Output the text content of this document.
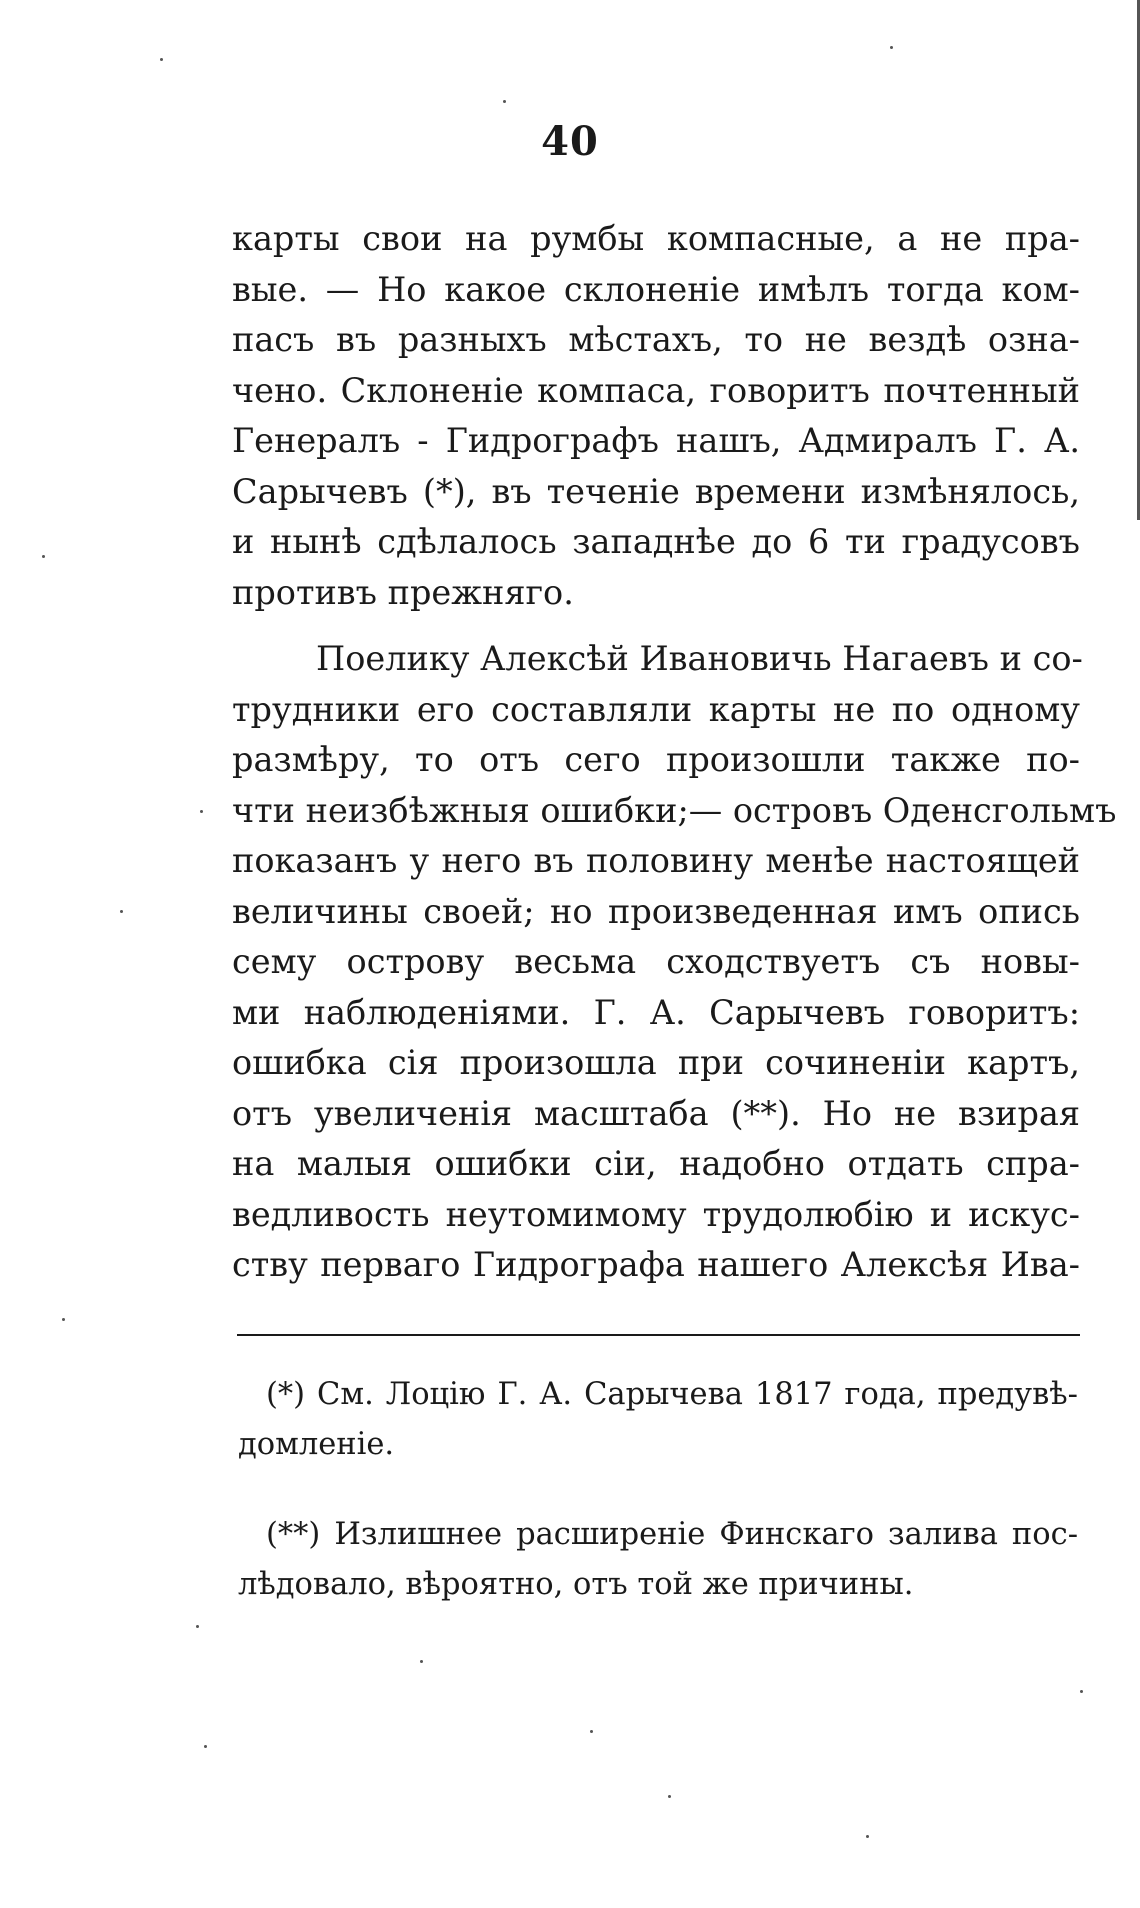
40
карты свои на румбы компасные, а не пра-
вые. — Но какое склоненіе имѣлъ тогда ком-
пасъ въ разныхъ мѣстахъ, то не вездѣ озна-
чено. Склоненіе компаса, говоритъ почтенный
Генералъ - Гидрографъ нашъ, Адмиралъ Г. А.
Сарычевъ (*), въ теченіе времени измѣнялось,
и нынѣ сдѣлалось западнѣе до 6 ти градусовъ
противъ прежняго.
Поелику Алексѣй Ивановичь Нагаевъ и со-
трудники его составляли карты не по одному
размѣру, то отъ сего произошли также по-
чти неизбѣжныя ошибки;— островъ Оденсгольмъ
показанъ у него въ половину менѣе настоящей
величины своей; но произведенная имъ опись
сему острову весьма сходствуетъ съ новы-
ми наблюденіями. Г. А. Сарычевъ говоритъ:
ошибка сія произошла при сочиненіи картъ,
отъ увеличенія масштаба (**). Но не взирая
на малыя ошибки сіи, надобно отдать спра-
ведливость неутомимому трудолюбію и искус-
ству перваго Гидрографа нашего Алексѣя Ива-
(*) См. Лоцію Г. А. Сарычева 1817 года, предувѣ-
домленіе.
(**) Излишнее расширеніе Финскаго залива пос-
лѣдовало, вѣроятно, отъ той же причины.
